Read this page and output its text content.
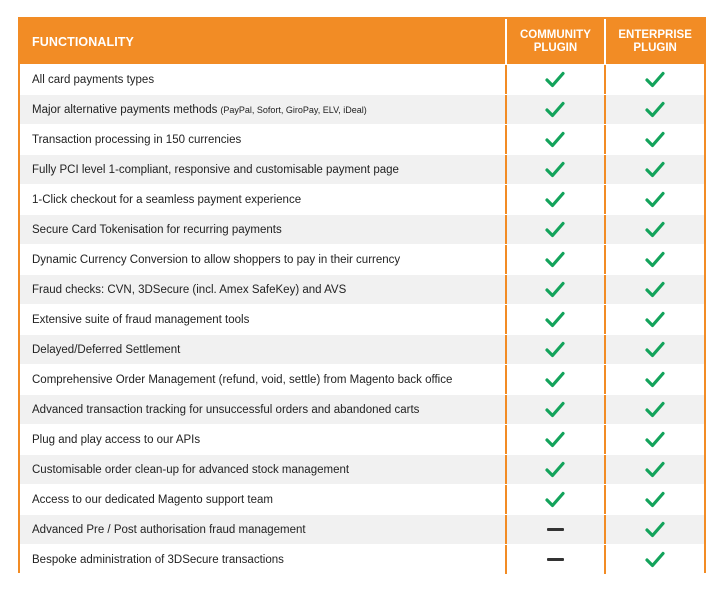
FUNCTIONALITY	COMMUNITY PLUGIN
ENTERPRISE PLUGIN
All card payments types
Major alternative payments methods (PayPal, Sofort, GiroPay, ELV, iDeal)
Transaction processing in 150 currencies
Fully PCI level 1-compliant, responsive and customisable payment page
1-Click checkout for a seamless payment experience
Secure Card Tokenisation for recurring payments
Dynamic Currency Conversion to allow shoppers to pay in their currency
Fraud checks: CVN, 3DSecure (incl. Amex SafeKey) and AVS
Extensive suite of fraud management tools
Delayed/Deferred Settlement
Comprehensive Order Management (refund, void, settle) from Magento back office
Advanced transaction tracking for unsuccessful orders and abandoned carts
Plug and play access to our APIs
Customisable order clean-up for advanced stock management
Access to our dedicated Magento support team
Advanced Pre / Post authorisation fraud management
Bespoke administration of 3DSecure transactions
